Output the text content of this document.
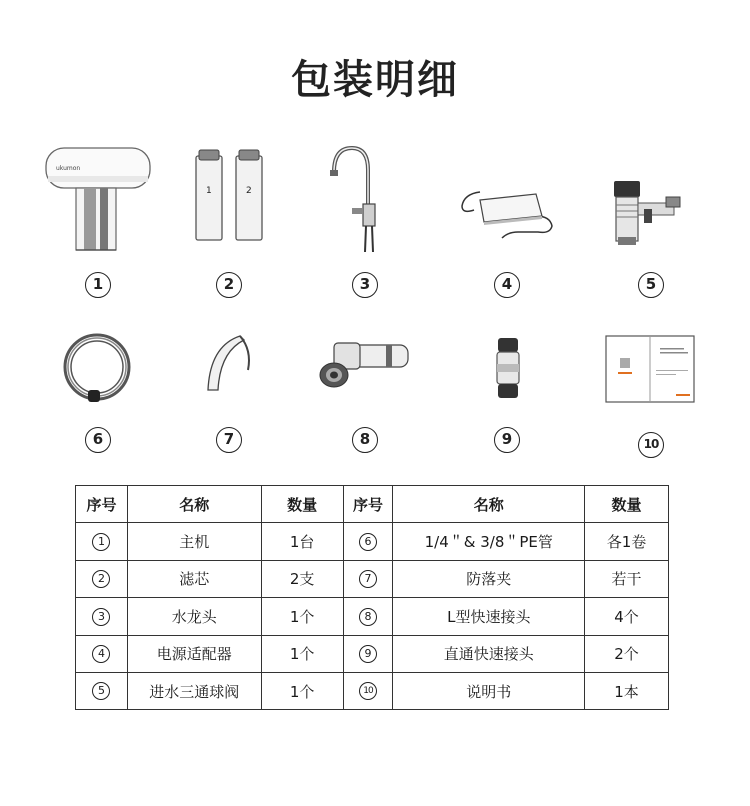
包装明细
ukumon
1
1	2
2	3	4	5
6	7	8	9	10
序号	名称	数量	序号	名称	数量
1	主机	1台	6	1/4＂& 3/8＂PE管	各1卷
2	滤芯	2支	7	防落夹	若干
3	水龙头	1个	8	L型快速接头	4个
4	电源适配器	1个	9	直通快速接头	2个
5	进水三通球阀	1个	10	说明书	1本
